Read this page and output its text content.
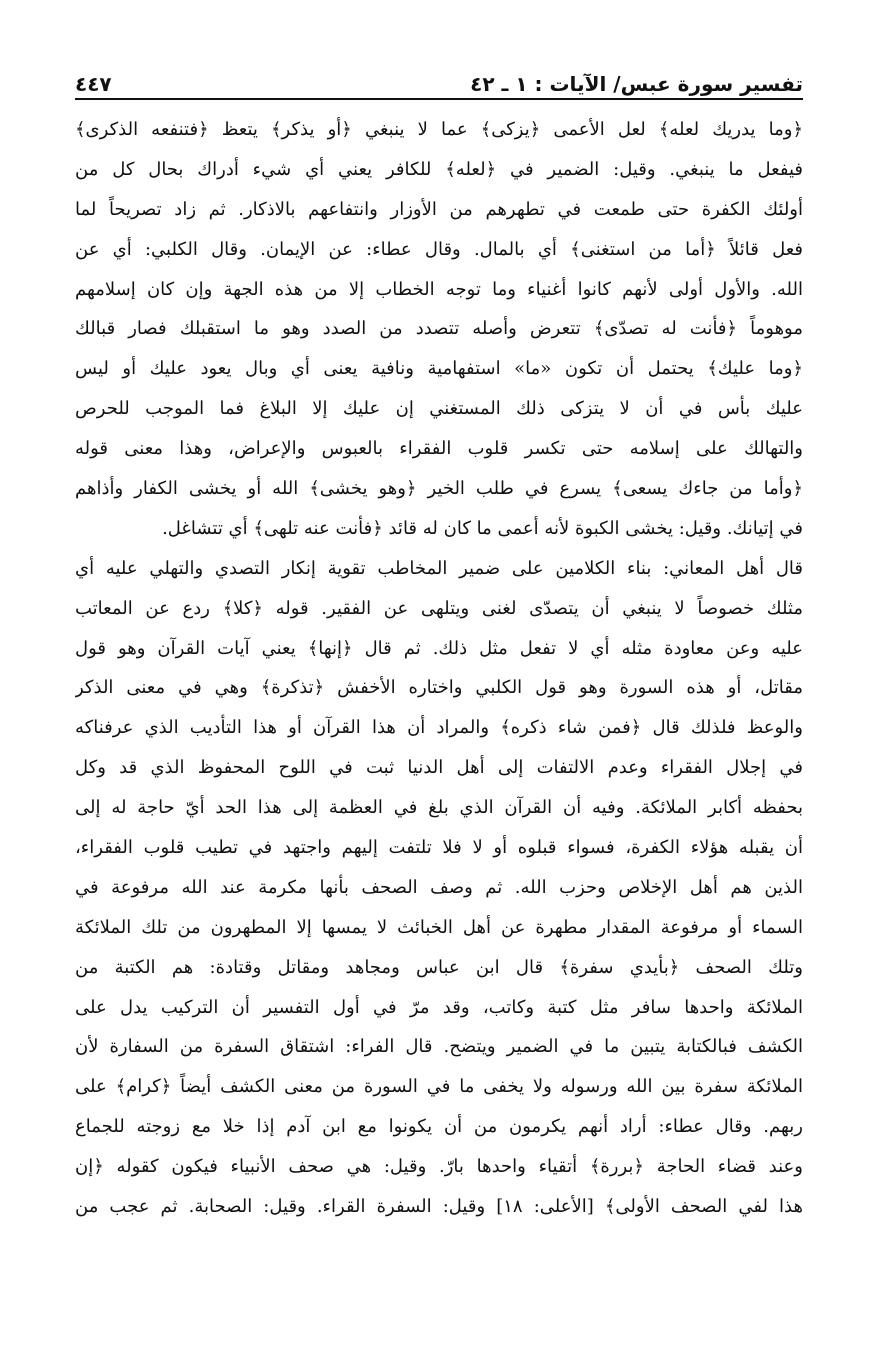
تفسير سورة عبس/ الآيات : ١ ـ ٤٢
٤٤٧
﴿وما يدريك لعله﴾ لعل الأعمى ﴿يزكى﴾ عما لا ينبغي ﴿أو يذكر﴾ يتعظ ﴿فتنفعه الذكرى﴾
فيفعل ما ينبغي. وقيل: الضمير في ﴿لعله﴾ للكافر يعني أي شيء أدراك بحال كل من
أولئك الكفرة حتى طمعت في تطهرهم من الأوزار وانتفاعهم بالاذكار. ثم زاد تصريحاً لما
فعل قائلاً ﴿أما من استغنى﴾ أي بالمال. وقال عطاء: عن الإيمان. وقال الكلبي: أي عن
الله. والأول أولى لأنهم كانوا أغنياء وما توجه الخطاب إلا من هذه الجهة وإن كان إسلامهم
موهوماً ﴿فأنت له تصدّى﴾ تتعرض وأصله تتصدد من الصدد وهو ما استقبلك فصار قبالك
﴿وما عليك﴾ يحتمل أن تكون «ما» استفهامية ونافية يعنى أي وبال يعود عليك أو ليس
عليك بأس في أن لا يتزكى ذلك المستغني إن عليك إلا البلاغ فما الموجب للحرص
والتهالك على إسلامه حتى تكسر قلوب الفقراء بالعبوس والإعراض، وهذا معنى قوله
﴿وأما من جاءك يسعى﴾ يسرع في طلب الخير ﴿وهو يخشى﴾ الله أو يخشى الكفار وأذاهم
في إتيانك. وقيل: يخشى الكبوة لأنه أعمى ما كان له قائد ﴿فأنت عنه تلهى﴾ أي تتشاغل.
قال أهل المعاني: بناء الكلامين على ضمير المخاطب تقوية إنكار التصدي والتهلي عليه أي
مثلك خصوصاً لا ينبغي أن يتصدّى لغنى ويتلهى عن الفقير. قوله ﴿كلا﴾ ردع عن المعاتب
عليه وعن معاودة مثله أي لا تفعل مثل ذلك. ثم قال ﴿إنها﴾ يعني آيات القرآن وهو قول
مقاتل، أو هذه السورة وهو قول الكلبي واختاره الأخفش ﴿تذكرة﴾ وهي في معنى الذكر
والوعظ فلذلك قال ﴿فمن شاء ذكره﴾ والمراد أن هذا القرآن أو هذا التأديب الذي عرفناكه
في إجلال الفقراء وعدم الالتفات إلى أهل الدنيا ثبت في اللوح المحفوظ الذي قد وكل
بحفظه أكابر الملائكة. وفيه أن القرآن الذي بلغ في العظمة إلى هذا الحد أيّ حاجة له إلى
أن يقبله هؤلاء الكفرة، فسواء قبلوه أو لا فلا تلتفت إليهم واجتهد في تطيب قلوب الفقراء،
الذين هم أهل الإخلاص وحزب الله. ثم وصف الصحف بأنها مكرمة عند الله مرفوعة في
السماء أو مرفوعة المقدار مطهرة عن أهل الخبائث لا يمسها إلا المطهرون من تلك الملائكة
وتلك الصحف ﴿بأيدي سفرة﴾ قال ابن عباس ومجاهد ومقاتل وقتادة: هم الكتبة من
الملائكة واحدها سافر مثل كتبة وكاتب، وقد مرّ في أول التفسير أن التركيب يدل على
الكشف فبالكتابة يتبين ما في الضمير ويتضح. قال الفراء: اشتقاق السفرة من السفارة لأن
الملائكة سفرة بين الله ورسوله ولا يخفى ما في السورة من معنى الكشف أيضاً ﴿كرام﴾ على
ربهم. وقال عطاء: أراد أنهم يكرمون من أن يكونوا مع ابن آدم إذا خلا مع زوجته للجماع
وعند قضاء الحاجة ﴿بررة﴾ أتقياء واحدها بارّ. وقيل: هي صحف الأنبياء فيكون كقوله ﴿إن
هذا لفي الصحف الأولى﴾ [الأعلى: ١٨] وقيل: السفرة القراء. وقيل: الصحابة. ثم عجب من
